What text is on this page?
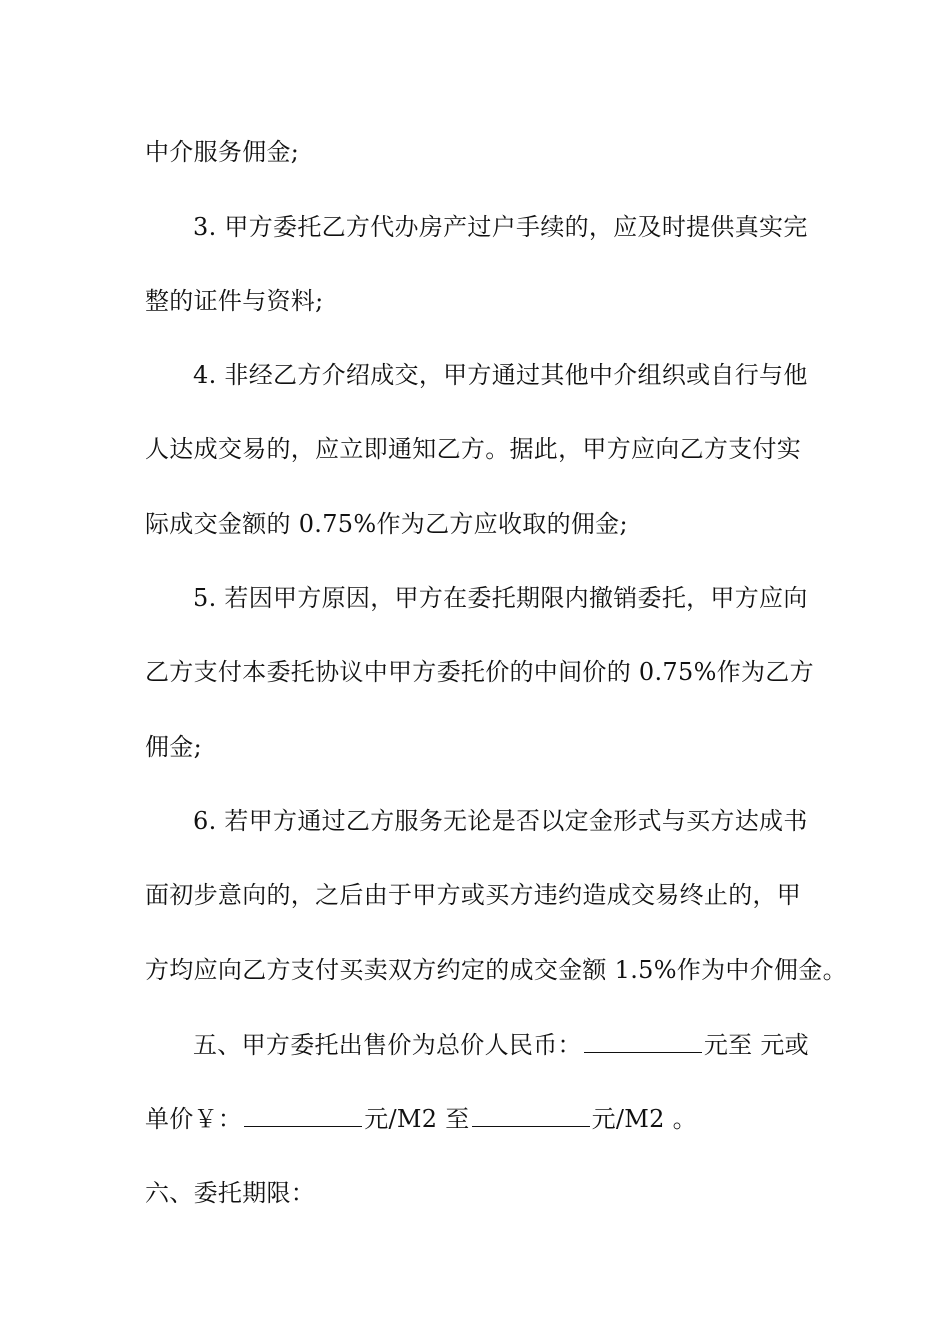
中介服务佣金;
3. 甲方委托乙方代办房产过户手续的，应及时提供真实完
整的证件与资料;
4. 非经乙方介绍成交，甲方通过其他中介组织或自行与他
人达成交易的，应立即通知乙方。据此，甲方应向乙方支付实
际成交金额的 0.75%作为乙方应收取的佣金;
5. 若因甲方原因，甲方在委托期限内撤销委托，甲方应向
乙方支付本委托协议中甲方委托价的中间价的 0.75%作为乙方
佣金;
6. 若甲方通过乙方服务无论是否以定金形式与买方达成书
面初步意向的，之后由于甲方或买方违约造成交易终止的，甲
方均应向乙方支付买卖双方约定的成交金额 1.5%作为中介佣金。
五、甲方委托出售价为总价人民币：	元至 元或
单价￥：	元/M2 至	元/M2 。
六、委托期限：
